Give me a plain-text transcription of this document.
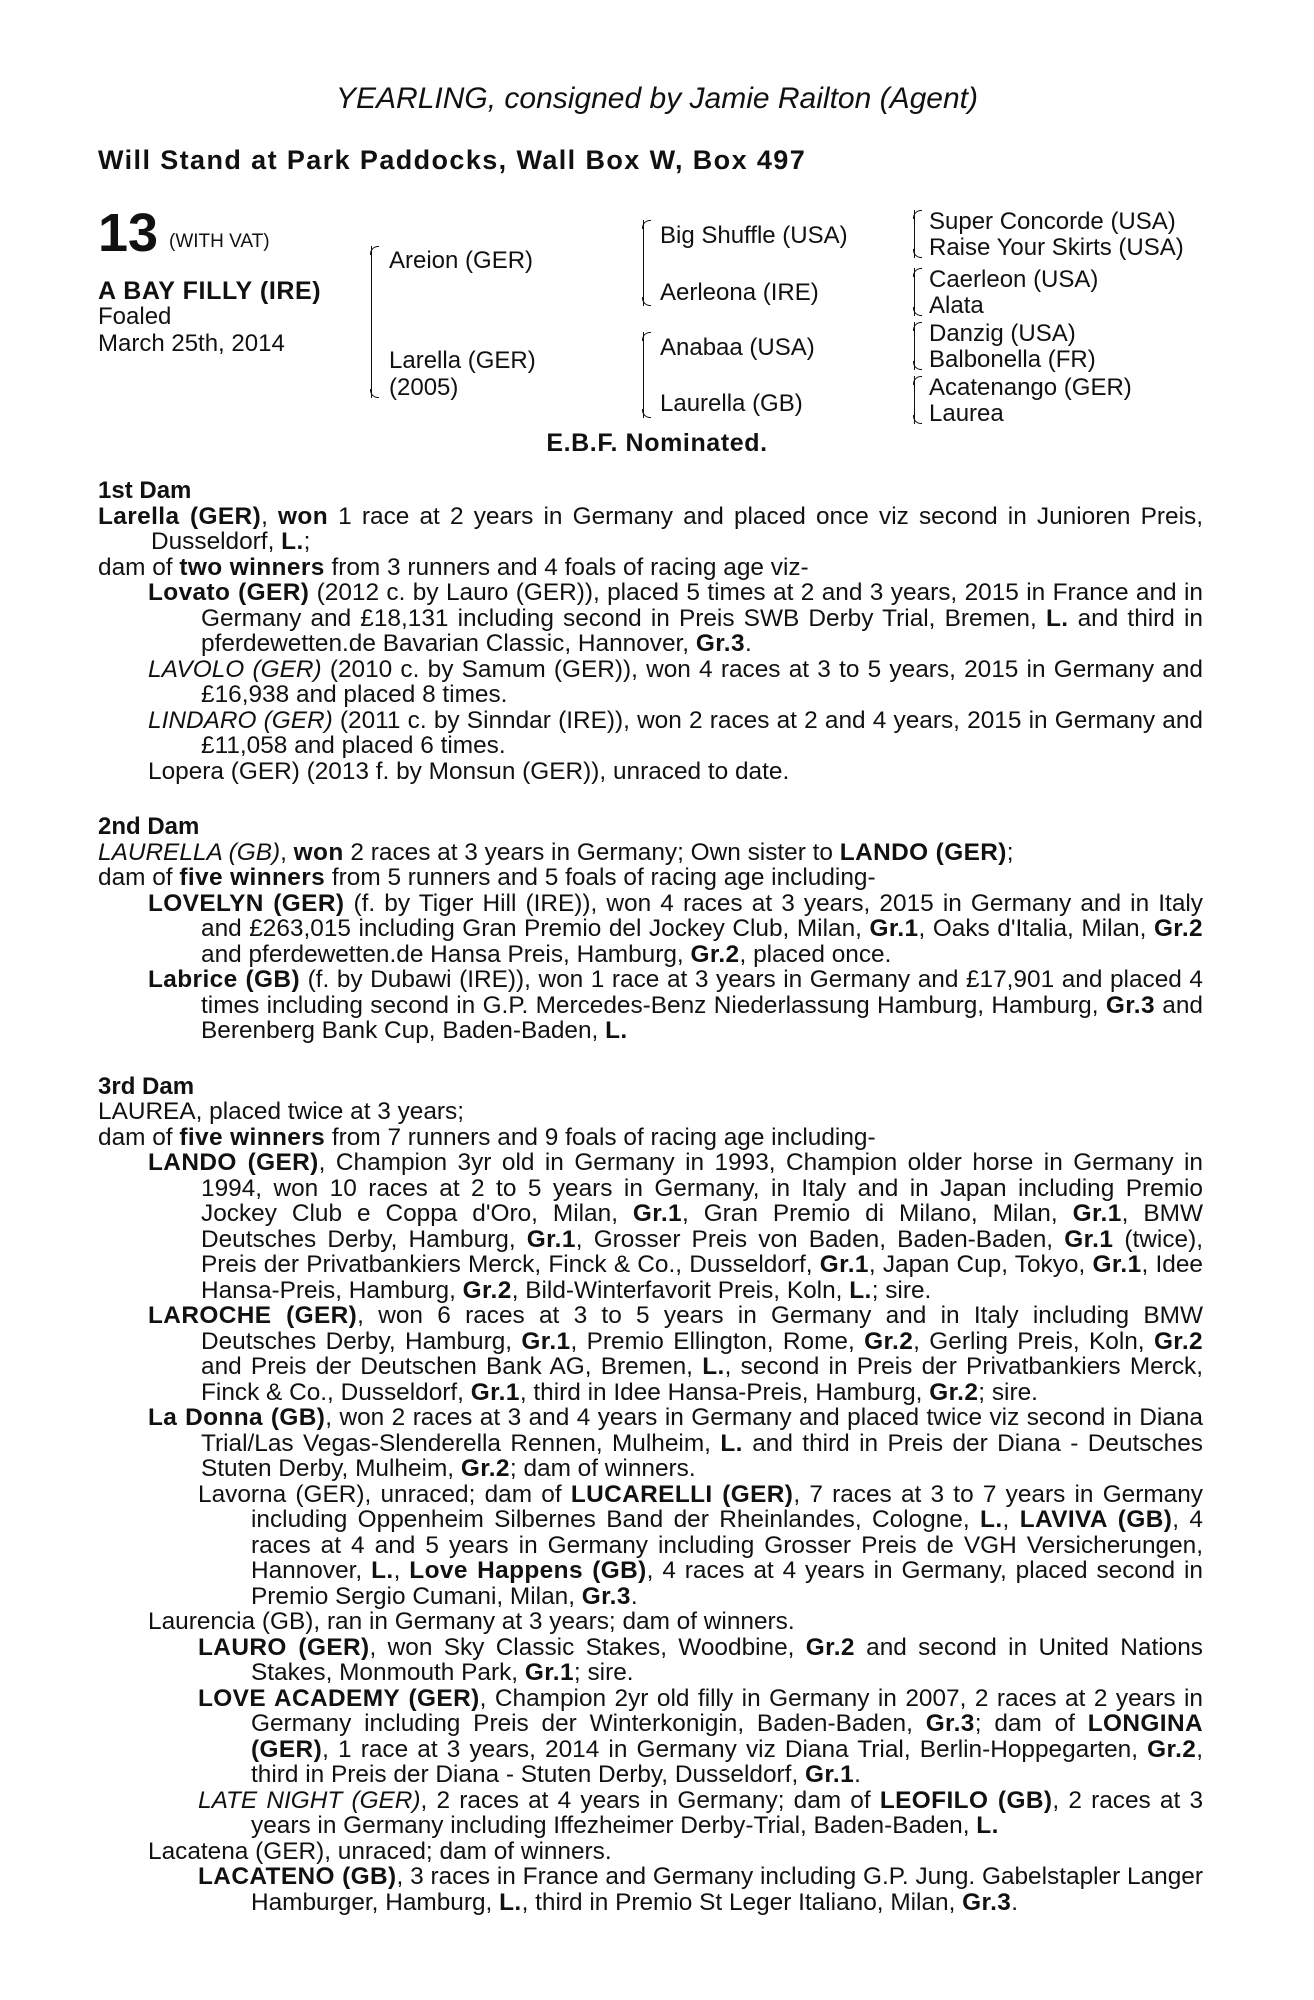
YEARLING, consigned by Jamie Railton (Agent)
Will Stand at Park Paddocks, Wall Box W, Box 497
13 (WITH VAT)
A BAY FILLY (IRE)
Foaled
March 25th, 2014
Areion (GER)
Larella (GER)
(2005)
Big Shuffle (USA)
Aerleona (IRE)
Anabaa (USA)
Laurella (GB)
Super Concorde (USA)
Raise Your Skirts (USA)
Caerleon (USA)
Alata
Danzig (USA)
Balbonella (FR)
Acatenango (GER)
Laurea
E.B.F. Nominated.

1st Dam

Larella (GER), won 1 race at 2 years in Germany and placed once viz second in Junioren Preis, Dusseldorf, L.;

dam of two winners from 3 runners and 4 foals of racing age viz-

Lovato (GER) (2012 c. by Lauro (GER)), placed 5 times at 2 and 3 years, 2015 in France and in Germany and £18,131 including second in Preis SWB Derby Trial, Bremen, L. and third in pferdewetten.de Bavarian Classic, Hannover, Gr.3.

LAVOLO (GER) (2010 c. by Samum (GER)), won 4 races at 3 to 5 years, 2015 in Germany and £16,938 and placed 8 times.

LINDARO (GER) (2011 c. by Sinndar (IRE)), won 2 races at 2 and 4 years, 2015 in Germany and £11,058 and placed 6 times.

Lopera (GER) (2013 f. by Monsun (GER)), unraced to date.

2nd Dam

LAURELLA (GB), won 2 races at 3 years in Germany; Own sister to LANDO (GER);

dam of five winners from 5 runners and 5 foals of racing age including-

LOVELYN (GER) (f. by Tiger Hill (IRE)), won 4 races at 3 years, 2015 in Germany and in Italy and £263,015 including Gran Premio del Jockey Club, Milan, Gr.1, Oaks d'Italia, Milan, Gr.2 and pferdewetten.de Hansa Preis, Hamburg, Gr.2, placed once.

Labrice (GB) (f. by Dubawi (IRE)), won 1 race at 3 years in Germany and £17,901 and placed 4 times including second in G.P. Mercedes-Benz Niederlassung Hamburg, Hamburg, Gr.3 and Berenberg Bank Cup, Baden-Baden, L.

3rd Dam

LAUREA, placed twice at 3 years;

dam of five winners from 7 runners and 9 foals of racing age including-

LANDO (GER), Champion 3yr old in Germany in 1993, Champion older horse in Germany in 1994, won 10 races at 2 to 5 years in Germany, in Italy and in Japan including Premio Jockey Club e Coppa d'Oro, Milan, Gr.1, Gran Premio di Milano, Milan, Gr.1, BMW Deutsches Derby, Hamburg, Gr.1, Grosser Preis von Baden, Baden-Baden, Gr.1 (twice), Preis der Privatbankiers Merck, Finck & Co., Dusseldorf, Gr.1, Japan Cup, Tokyo, Gr.1, Idee Hansa-Preis, Hamburg, Gr.2, Bild-Winterfavorit Preis, Koln, L.; sire.

LAROCHE (GER), won 6 races at 3 to 5 years in Germany and in Italy including BMW Deutsches Derby, Hamburg, Gr.1, Premio Ellington, Rome, Gr.2, Gerling Preis, Koln, Gr.2 and Preis der Deutschen Bank AG, Bremen, L., second in Preis der Privatbankiers Merck, Finck & Co., Dusseldorf, Gr.1, third in Idee Hansa-Preis, Hamburg, Gr.2; sire.

La Donna (GB), won 2 races at 3 and 4 years in Germany and placed twice viz second in Diana Trial/Las Vegas-Slenderella Rennen, Mulheim, L. and third in Preis der Diana - Deutsches Stuten Derby, Mulheim, Gr.2; dam of winners.

Lavorna (GER), unraced; dam of LUCARELLI (GER), 7 races at 3 to 7 years in Germany including Oppenheim Silbernes Band der Rheinlandes, Cologne, L., LAVIVA (GB), 4 races at 4 and 5 years in Germany including Grosser Preis de VGH Versicherungen, Hannover, L., Love Happens (GB), 4 races at 4 years in Germany, placed second in Premio Sergio Cumani, Milan, Gr.3.

Laurencia (GB), ran in Germany at 3 years; dam of winners.

LAURO (GER), won Sky Classic Stakes, Woodbine, Gr.2 and second in United Nations Stakes, Monmouth Park, Gr.1; sire.

LOVE ACADEMY (GER), Champion 2yr old filly in Germany in 2007, 2 races at 2 years in Germany including Preis der Winterkonigin, Baden-Baden, Gr.3; dam of LONGINA (GER), 1 race at 3 years, 2014 in Germany viz Diana Trial, Berlin-Hoppegarten, Gr.2, third in Preis der Diana - Stuten Derby, Dusseldorf, Gr.1.

LATE NIGHT (GER), 2 races at 4 years in Germany; dam of LEOFILO (GB), 2 races at 3 years in Germany including Iffezheimer Derby-Trial, Baden-Baden, L.

Lacatena (GER), unraced; dam of winners.

LACATENO (GB), 3 races in France and Germany including G.P. Jung. Gabelstapler Langer Hamburger, Hamburg, L., third in Premio St Leger Italiano, Milan, Gr.3.
